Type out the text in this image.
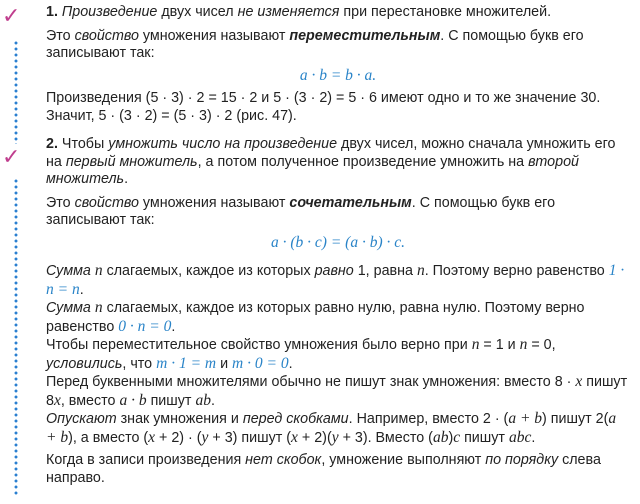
✓
✓
1. Произведение двух чисел не изменяется при перестановке множителей.
Это свойство умножения называют переместительным. С помощью букв его записывают так:
a · b = b · a.
Произведения (5 · 3) · 2 = 15 · 2 и 5 · (3 · 2) = 5 · 6 имеют одно и то же значение 30. Значит, 5 · (3 · 2) = (5 · 3) · 2 (рис. 47).
2. Чтобы умножить число на произведение двух чисел, можно сначала умножить его на первый множитель, а потом полученное произведение умножить на второй множитель.
Это свойство умножения называют сочетательным. С помощью букв его записывают так:
a · (b · c) = (a · b) · c.
Сумма n слагаемых, каждое из которых равно 1, равна n. Поэтому верно равенство 1 · n = n.
Сумма n слагаемых, каждое из которых равно нулю, равна нулю. Поэтому верно равенство 0 · n = 0.
Чтобы переместительное свойство умножения было верно при n = 1 и n = 0, условились, что m · 1 = m и m · 0 = 0.
Перед буквенными множителями обычно не пишут знак умножения: вместо 8 · x пишут 8x, вместо a · b пишут ab.
Опускают знак умножения и перед скобками. Например, вместо 2 · (a + b) пишут 2(a + b), а вместо (x + 2) · (y + 3) пишут (x + 2)(y + 3). Вместо (ab)c пишут abc.
Когда в записи произведения нет скобок, умножение выполняют по порядку слева направо.
